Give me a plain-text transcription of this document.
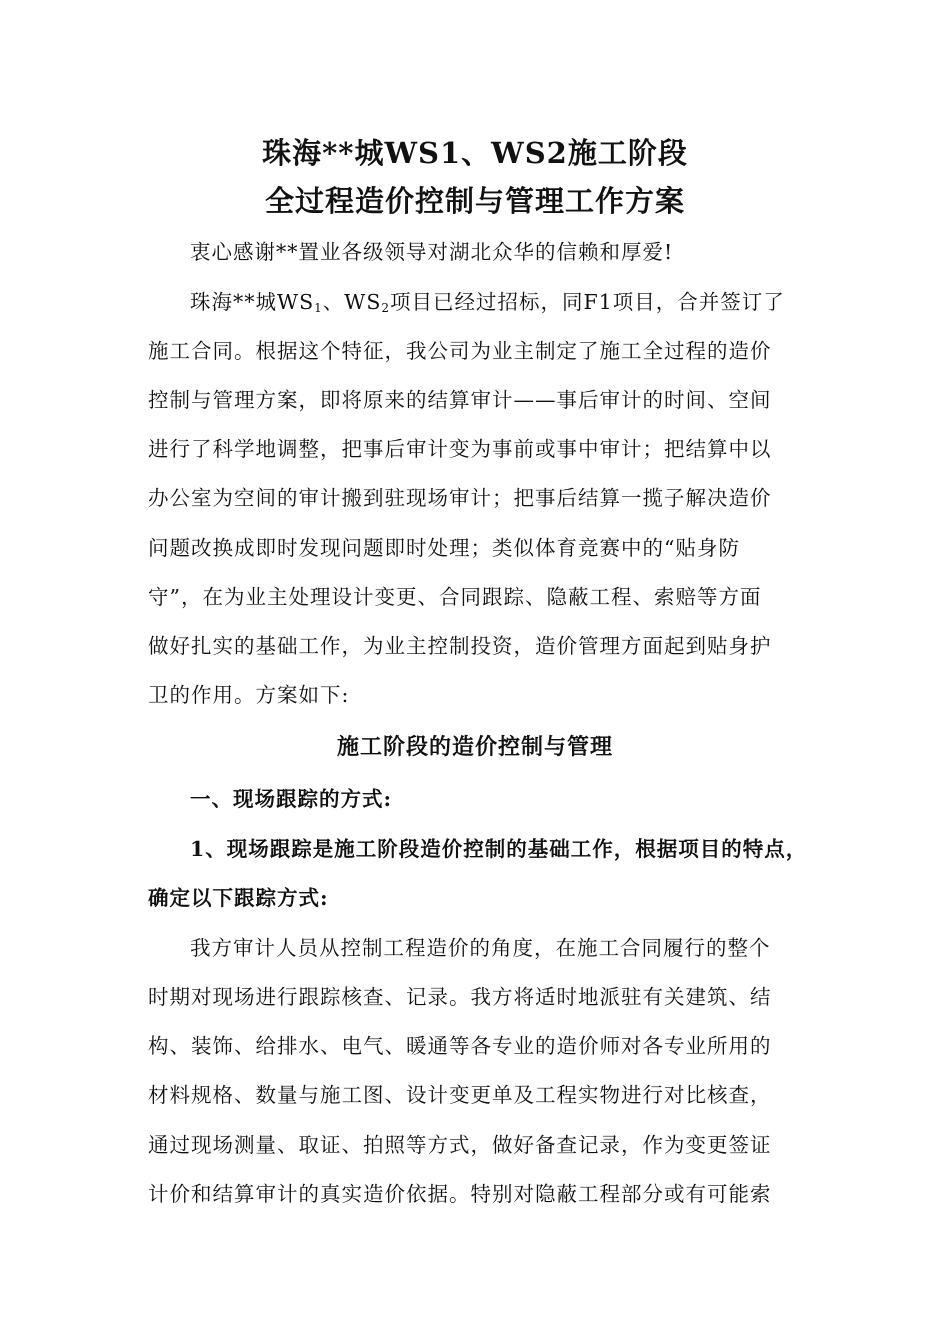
珠海**城WS1、WS2施工阶段
全过程造价控制与管理工作方案
衷心感谢**置业各级领导对湖北众华的信赖和厚爱!
珠海**城$WS_1$、$WS_2$项目已经过招标，同F1项目，合并签订了
施工合同。根据这个特征，我公司为业主制定了施工全过程的造价
控制与管理方案，即将原来的结算审计——事后审计的时间、空间
进行了科学地调整，把事后审计变为事前或事中审计；把结算中以
办公室为空间的审计搬到驻现场审计；把事后结算一揽子解决造价
问题改换成即时发现问题即时处理；类似体育竞赛中的“贴身防
守”，在为业主处理设计变更、合同跟踪、隐蔽工程、索赔等方面
做好扎实的基础工作，为业主控制投资，造价管理方面起到贴身护
卫的作用。方案如下:
施工阶段的造价控制与管理
一、现场跟踪的方式:
1、现场跟踪是施工阶段造价控制的基础工作，根据项目的特点，
确定以下跟踪方式:
我方审计人员从控制工程造价的角度，在施工合同履行的整个
时期对现场进行跟踪核查、记录。我方将适时地派驻有关建筑、结
构、装饰、给排水、电气、暖通等各专业的造价师对各专业所用的
材料规格、数量与施工图、设计变更单及工程实物进行对比核查，
通过现场测量、取证、拍照等方式，做好备查记录，作为变更签证
计价和结算审计的真实造价依据。特别对隐蔽工程部分或有可能索
